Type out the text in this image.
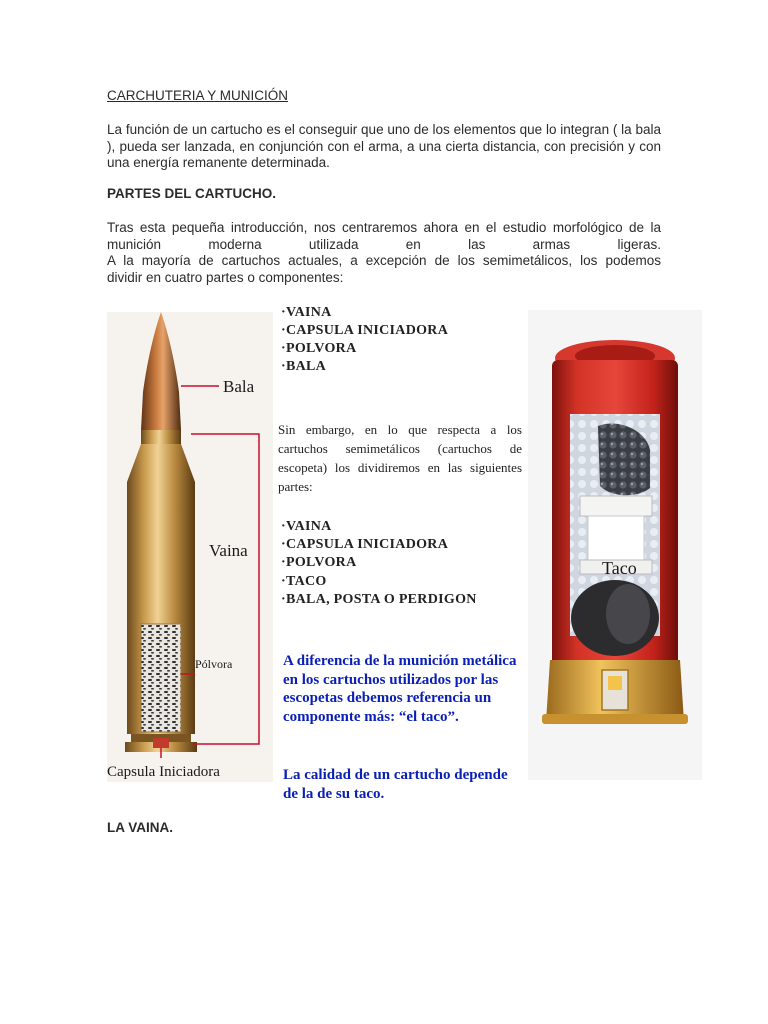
CARCHUTERIA Y MUNICIÓN
La función de un cartucho es el conseguir que uno de los elementos que lo integran ( la bala ), pueda ser lanzada, en conjunción con el arma, a una cierta distancia, con precisión y con una energía remanente determinada.
PARTES DEL CARTUCHO.
Tras esta pequeña introducción, nos centraremos ahora en el estudio morfológico de la
munición moderna utilizada en las armas ligeras.
A la mayoría de cartuchos actuales, a excepción de los semimetálicos, los podemos
dividir en cuatro partes o componentes:
Bala
Vaina
Pólvora
Capsula Iniciadora
·VAINA
·CAPSULA INICIADORA
·POLVORA
·BALA
Sin embargo, en lo que respecta a los cartuchos semimetálicos (cartuchos de escopeta) los dividiremos en las siguientes partes:
·VAINA
·CAPSULA INICIADORA
·POLVORA
·TACO
·BALA, POSTA O PERDIGON
A diferencia de la munición metálica en los cartuchos utilizados por las escopetas debemos referencia un componente más: “el taco”.
La calidad de un cartucho depende de la de su taco.
Taco
LA VAINA.
